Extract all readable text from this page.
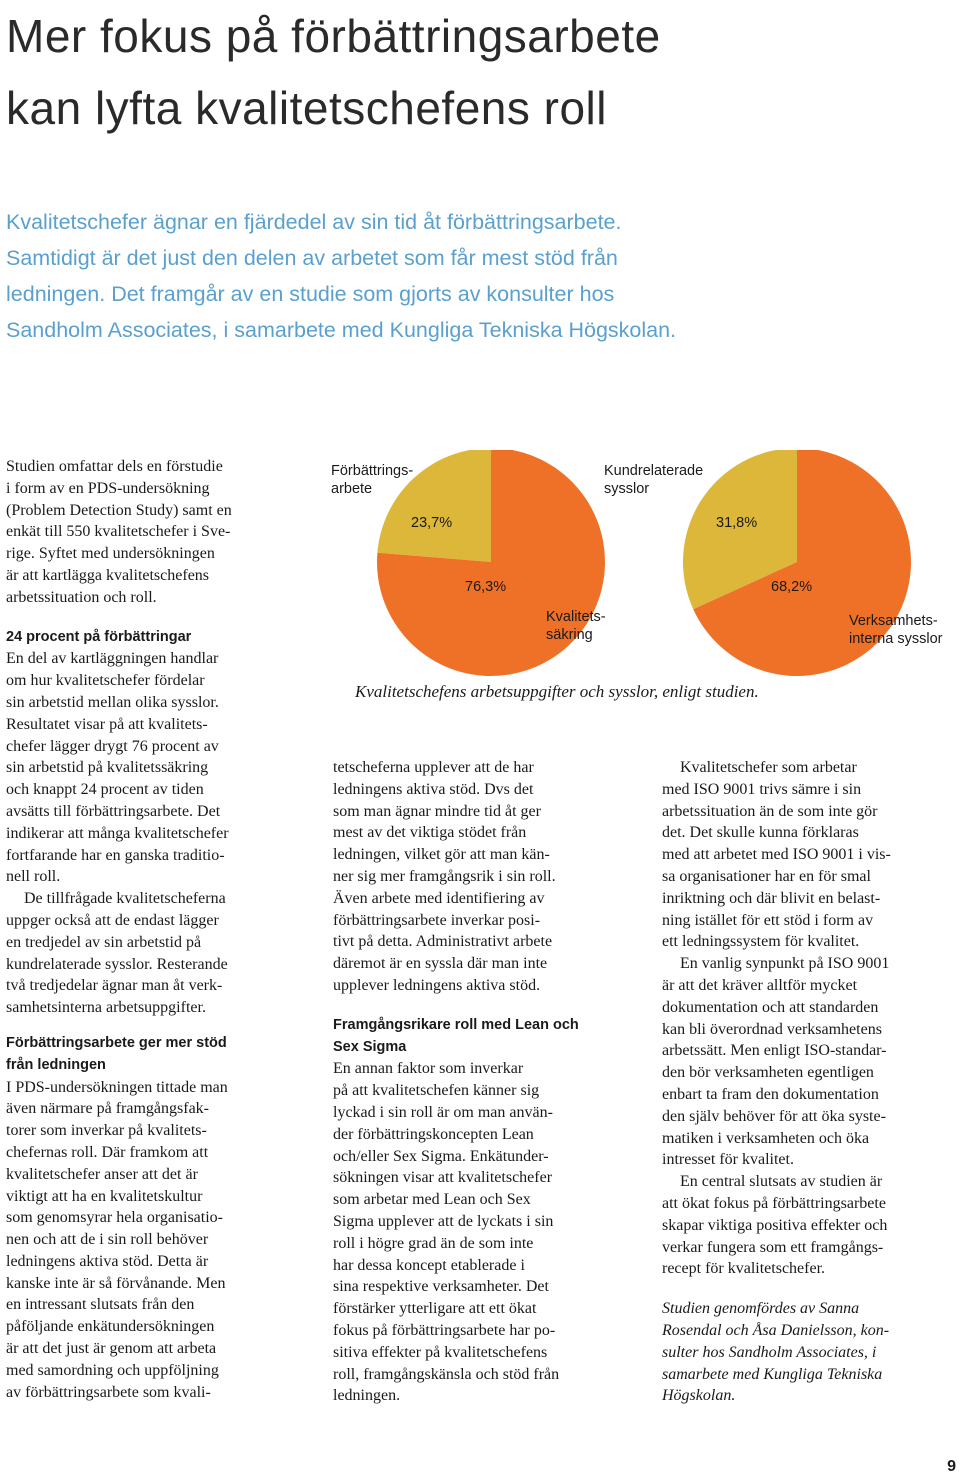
Mer fokus på förbättringsarbete
kan lyfta kvalitetschefens roll

Kvalitetschefer ägnar en fjärdedel av sin tid åt förbättringsarbete.
Samtidigt är det just den delen av arbetet som får mest stöd från
ledningen. Det framgår av en studie som gjorts av konsulter hos
Sandholm Associates, i samarbete med Kungliga Tekniska Högskolan.

Studien omfattar dels en förstudie
i form av en PDS-undersökning
(Problem Detection Study) samt en
enkät till 550 kvalitetschefer i Sve-
rige. Syftet med undersökningen
är att kartlägga kvalitetschefens
arbetssituation och roll.
24 procent på förbättringar
En del av kartläggningen handlar
om hur kvalitetschefer fördelar
sin arbetstid mellan olika sysslor.
Resultatet visar på att kvalitets-
chefer lägger drygt 76 procent av
sin arbetstid på kvalitetssäkring
och knappt 24 procent av tiden
avsätts till förbättringsarbete. Det
indikerar att många kvalitetschefer
fortfarande har en ganska traditio-
nell roll.
De tillfrågade kvalitetscheferna
uppger också att de endast lägger
en tredjedel av sin arbetstid på
kundrelaterade sysslor. Resterande
två tredjedelar ägnar man åt verk-
samhetsinterna arbetsuppgifter.
Förbättringsarbete ger mer stöd
från ledningen
I PDS-undersökningen tittade man
även närmare på framgångsfak-
torer som inverkar på kvalitets-
chefernas roll. Där framkom att
kvalitetschefer anser att det är
viktigt att ha en kvalitetskultur
som genomsyrar hela organisatio-
nen och att de i sin roll behöver
ledningens aktiva stöd. Detta är
kanske inte är så förvånande. Men
en intressant slutsats från den
påföljande enkätundersökningen
är att det just är genom att arbeta
med samordning och uppföljning
av förbättringsarbete som kvali-
Förbättrings-
arbete
Kvalitets-
säkring
23,7%
76,3%
Kundrelaterade
sysslor
Verksamhets-
interna sysslor
31,8%
68,2%
Kvalitetschefens arbetsuppgifter och sysslor, enligt studien.
tetscheferna upplever att de har
ledningens aktiva stöd. Dvs det
som man ägnar mindre tid åt ger
mest av det viktiga stödet från
ledningen, vilket gör att man kän-
ner sig mer framgångsrik i sin roll.
Även arbete med identifiering av
förbättringsarbete inverkar posi-
tivt på detta. Administrativt arbete
däremot är en syssla där man inte
upplever ledningens aktiva stöd.
Framgångsrikare roll med Lean och
Sex Sigma
En annan faktor som inverkar
på att kvalitetschefen känner sig
lyckad i sin roll är om man använ-
der förbättringskoncepten Lean
och/eller Sex Sigma. Enkätunder-
sökningen visar att kvalitetschefer
som arbetar med Lean och Sex
Sigma upplever att de lyckats i sin
roll i högre grad än de som inte
har dessa koncept etablerade i
sina respektive verksamheter. Det
förstärker ytterligare att ett ökat
fokus på förbättringsarbete har po-
sitiva effekter på kvalitetschefens
roll, framgångskänsla och stöd från
ledningen.
Kvalitetschefer som arbetar
med ISO 9001 trivs sämre i sin
arbetssituation än de som inte gör
det. Det skulle kunna förklaras
med att arbetet med ISO 9001 i vis-
sa organisationer har en för smal
inriktning och där blivit en belast-
ning istället för ett stöd i form av
ett ledningssystem för kvalitet.
En vanlig synpunkt på ISO 9001
är att det kräver alltför mycket
dokumentation och att standarden
kan bli överordnad verksamhetens
arbetssätt. Men enligt ISO-standar-
den bör verksamheten egentligen
enbart ta fram den dokumentation
den själv behöver för att öka syste-
matiken i verksamheten och öka
intresset för kvalitet.
En central slutsats av studien är
att ökat fokus på förbättringsarbete
skapar viktiga positiva effekter och
verkar fungera som ett framgångs-
recept för kvalitetschefer.
Studien genomfördes av Sanna
Rosendal och Åsa Danielsson, kon-
sulter hos Sandholm Associates, i
samarbete med Kungliga Tekniska
Högskolan.
9
